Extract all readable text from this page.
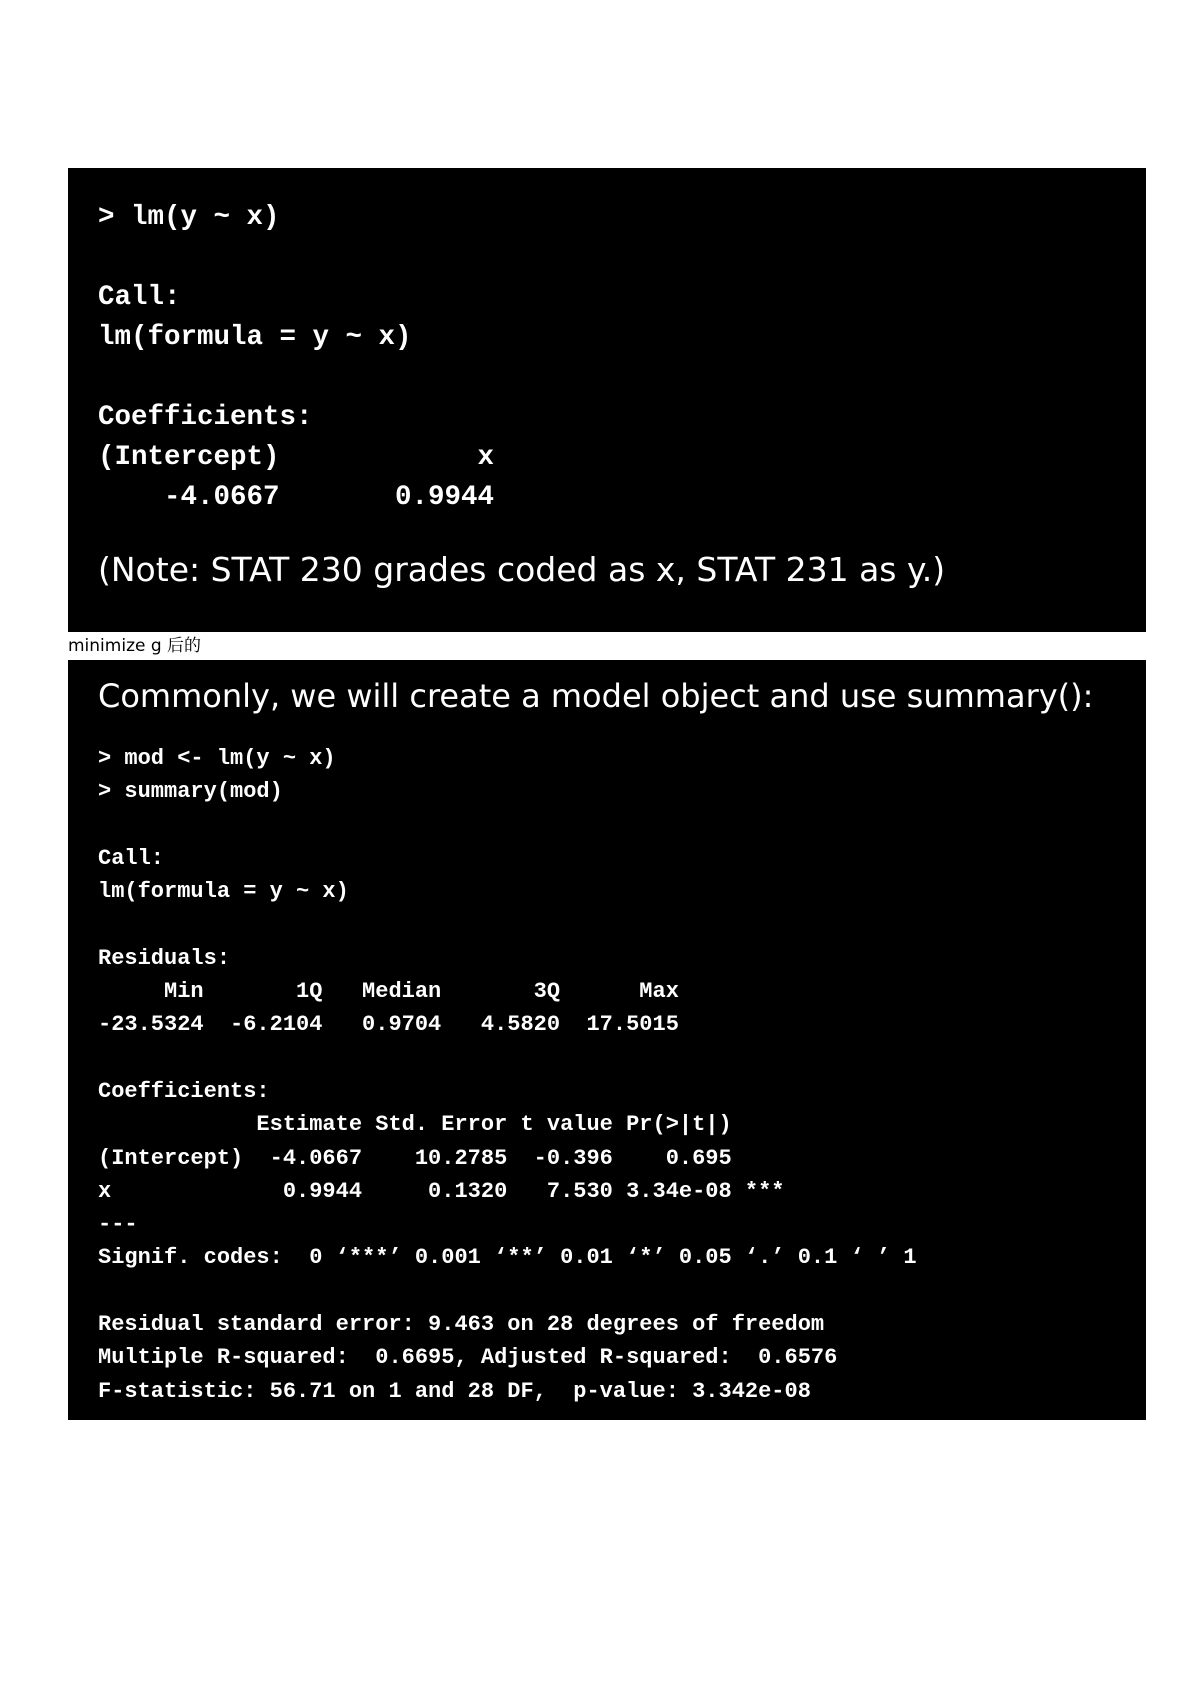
> lm(y ~ x)

Call:
lm(formula = y ~ x)

Coefficients:
(Intercept)            x
-4.0667       0.9944

(Note: STAT 230 grades coded as x, STAT 231 as y.)

minimize g 后的

Commonly, we will create a model object and use summary():

> mod <- lm(y ~ x)
> summary(mod)

Call:
lm(formula = y ~ x)

Residuals:
Min       1Q   Median       3Q      Max
-23.5324  -6.2104   0.9704   4.5820  17.5015

Coefficients:
Estimate Std. Error t value Pr(>|t|)
(Intercept)  -4.0667    10.2785  -0.396    0.695
x             0.9944     0.1320   7.530 3.34e-08 ***
---
Signif. codes:  0 ‘***’ 0.001 ‘**’ 0.01 ‘*’ 0.05 ‘.’ 0.1 ‘ ’ 1

Residual standard error: 9.463 on 28 degrees of freedom
Multiple R-squared:  0.6695, Adjusted R-squared:  0.6576
F-statistic: 56.71 on 1 and 28 DF,  p-value: 3.342e-08
